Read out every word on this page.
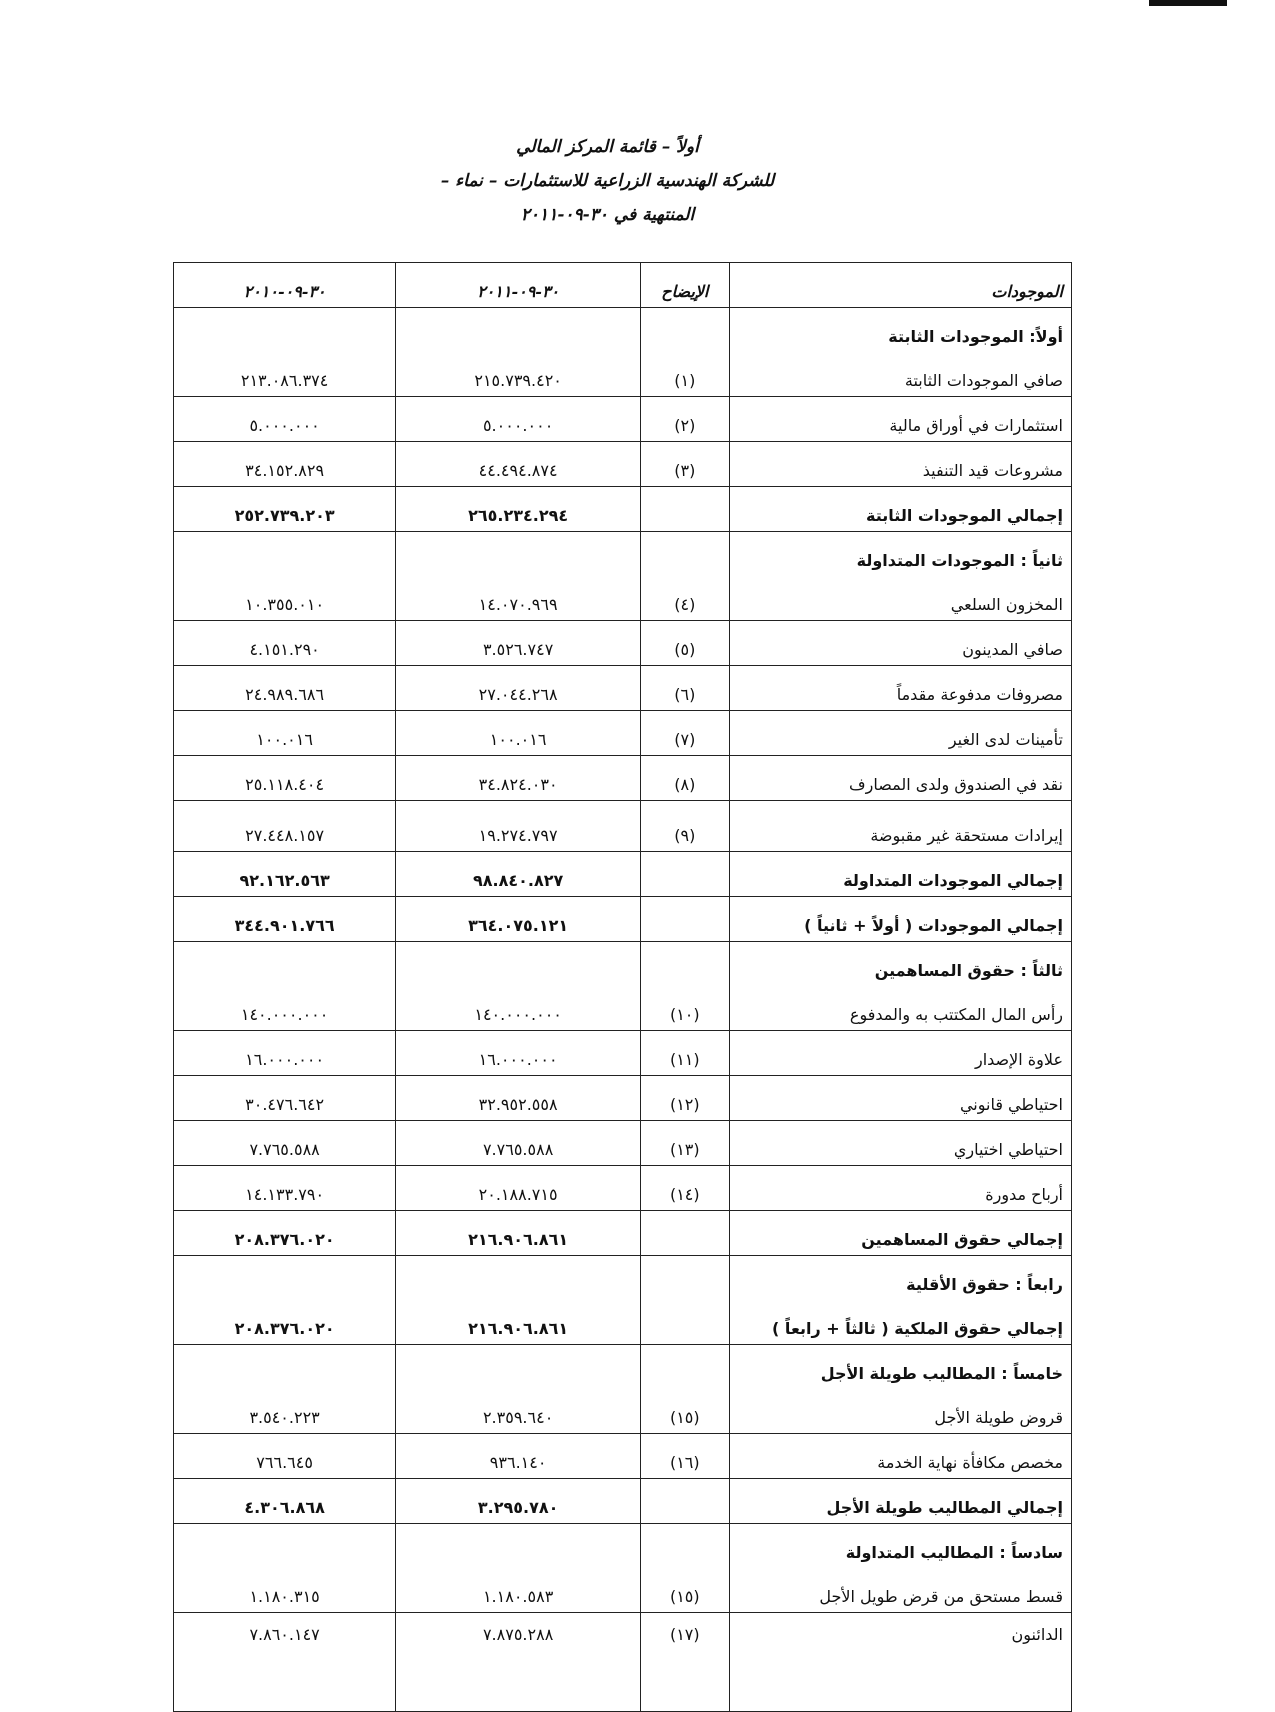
أولاً – قائمة المركز المالي
للشركة الهندسية الزراعية للاستثمارات – نماء –
المنتهية في ٣٠-٠٩-٢٠١١
الموجودات	الإيضاح	٣٠-٠٩-٢٠١١	٣٠-٠٩-٢٠١٠
أولاً: الموجودات الثابتة			
صافي الموجودات الثابتة	(١)	٢١٥.٧٣٩.٤٢٠	٢١٣.٠٨٦.٣٧٤
استثمارات في أوراق مالية	(٢)	٥.٠٠٠.٠٠٠	٥.٠٠٠.٠٠٠
مشروعات قيد التنفيذ	(٣)	٤٤.٤٩٤.٨٧٤	٣٤.١٥٢.٨٢٩
إجمالي الموجودات الثابتة		٢٦٥.٢٣٤.٢٩٤	٢٥٢.٧٣٩.٢٠٣
ثانياً : الموجودات المتداولة			
المخزون السلعي	(٤)	١٤.٠٧٠.٩٦٩	١٠.٣٥٥.٠١٠
صافي المدينون	(٥)	٣.٥٢٦.٧٤٧	٤.١٥١.٢٩٠
مصروفات مدفوعة مقدماً	(٦)	٢٧.٠٤٤.٢٦٨	٢٤.٩٨٩.٦٨٦
تأمينات لدى الغير	(٧)	١٠٠.٠١٦	١٠٠.٠١٦
نقد في الصندوق ولدى المصارف	(٨)	٣٤.٨٢٤.٠٣٠	٢٥.١١٨.٤٠٤
إيرادات مستحقة غير مقبوضة	(٩)	١٩.٢٧٤.٧٩٧	٢٧.٤٤٨.١٥٧
إجمالي الموجودات المتداولة		٩٨.٨٤٠.٨٢٧	٩٢.١٦٢.٥٦٣
إجمالي الموجودات ( أولاً + ثانياً )		٣٦٤.٠٧٥.١٢١	٣٤٤.٩٠١.٧٦٦
ثالثاً : حقوق المساهمين			
رأس المال المكتتب به والمدفوع	(١٠)	١٤٠.٠٠٠.٠٠٠	١٤٠.٠٠٠.٠٠٠
علاوة الإصدار	(١١)	١٦.٠٠٠.٠٠٠	١٦.٠٠٠.٠٠٠
احتياطي قانوني	(١٢)	٣٢.٩٥٢.٥٥٨	٣٠.٤٧٦.٦٤٢
احتياطي اختياري	(١٣)	٧.٧٦٥.٥٨٨	٧.٧٦٥.٥٨٨
أرباح مدورة	(١٤)	٢٠.١٨٨.٧١٥	١٤.١٣٣.٧٩٠
إجمالي حقوق المساهمين		٢١٦.٩٠٦.٨٦١	٢٠٨.٣٧٦.٠٢٠
رابعاً : حقوق الأقلية			
إجمالي حقوق الملكية ( ثالثاً + رابعاً )		٢١٦.٩٠٦.٨٦١	٢٠٨.٣٧٦.٠٢٠
خامساً : المطاليب طويلة الأجل			
قروض طويلة الأجل	(١٥)	٢.٣٥٩.٦٤٠	٣.٥٤٠.٢٢٣
مخصص مكافأة نهاية الخدمة	(١٦)	٩٣٦.١٤٠	٧٦٦.٦٤٥
إجمالي المطاليب طويلة الأجل		٣.٢٩٥.٧٨٠	٤.٣٠٦.٨٦٨
سادساً : المطاليب المتداولة			
قسط مستحق من قرض طويل الأجل	(١٥)	١.١٨٠.٥٨٣	١.١٨٠.٣١٥
الدائنون	(١٧)	٧.٨٧٥.٢٨٨	٧.٨٦٠.١٤٧
